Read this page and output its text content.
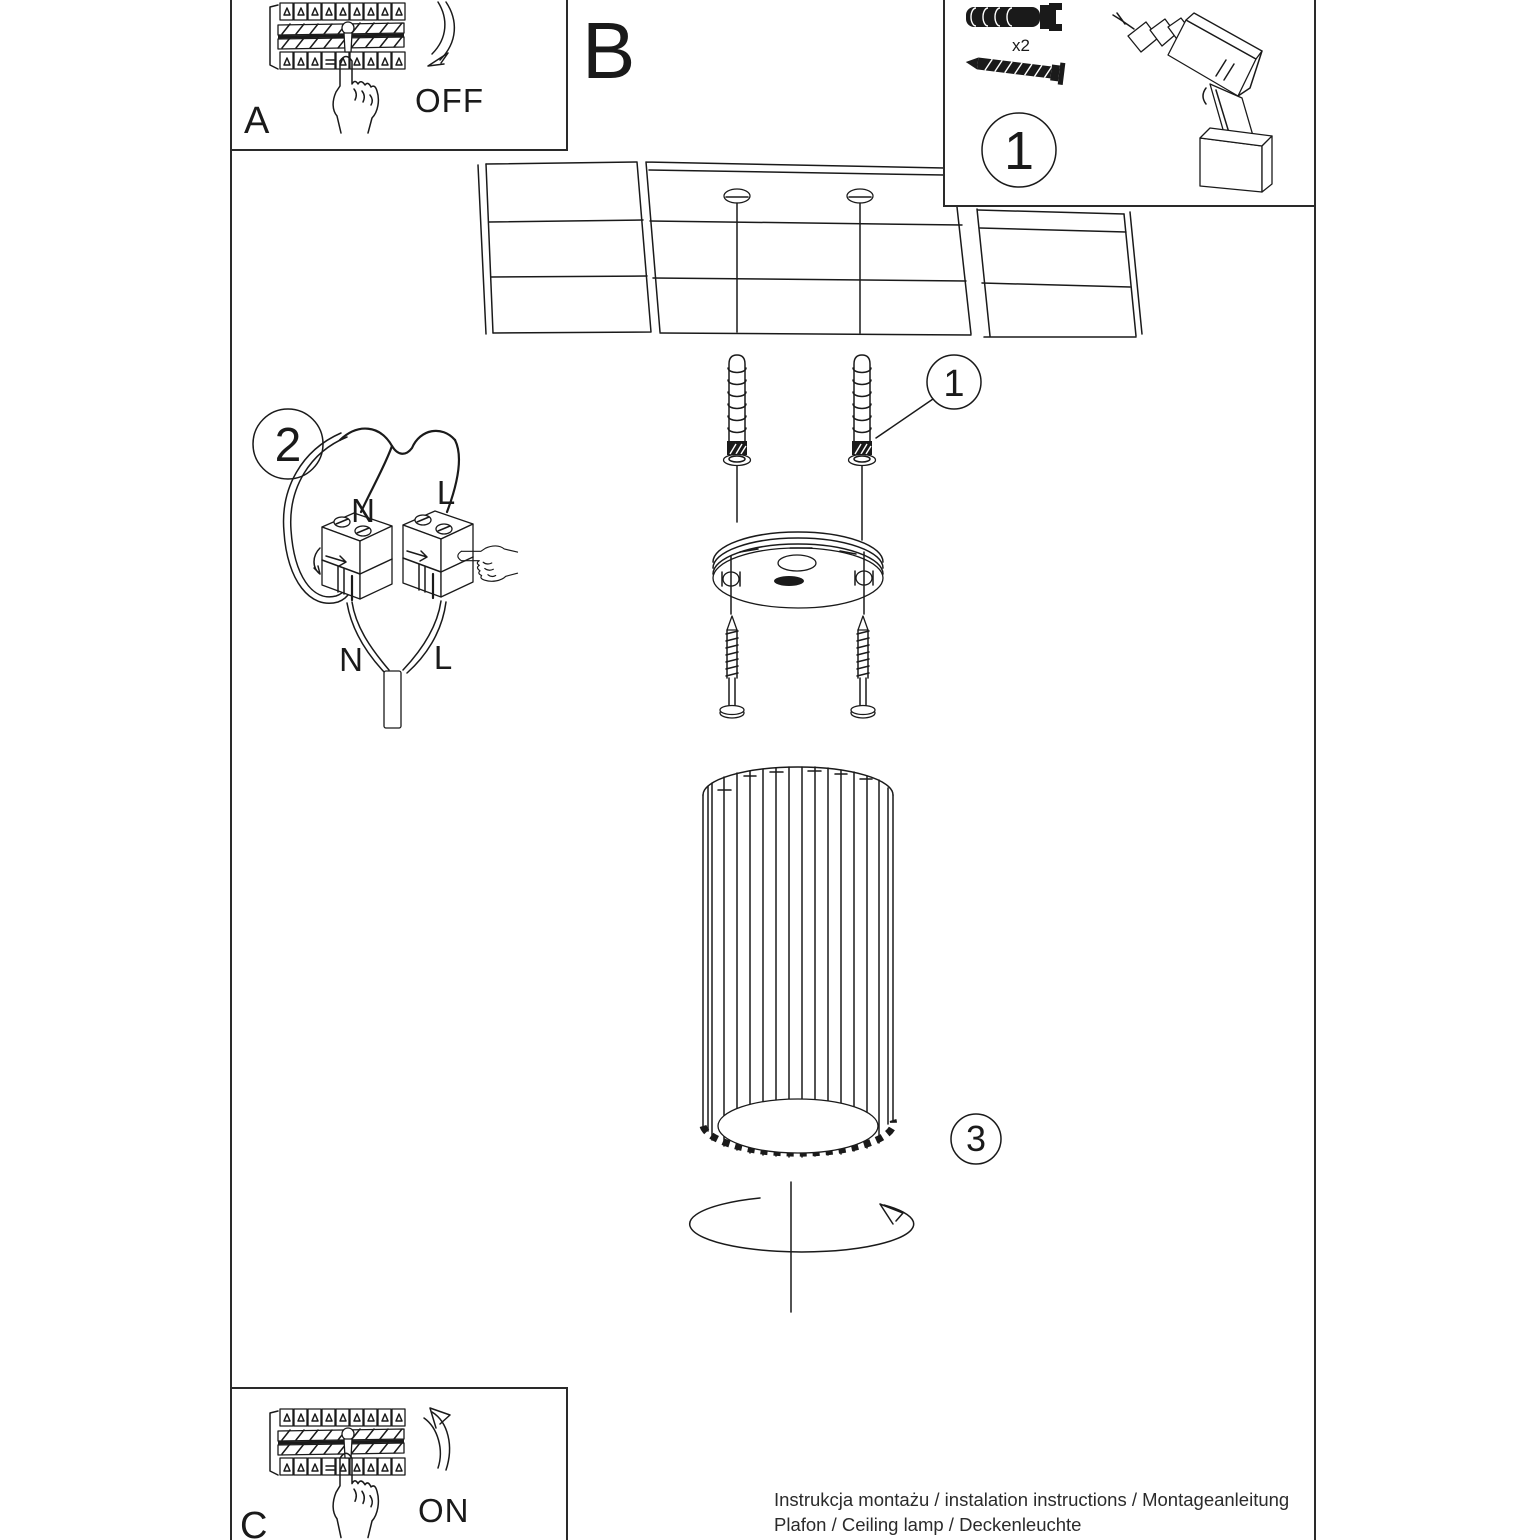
x2
1
B
A	OFF
1
3
2
N L
N L
C	ON	Instrukcja montażu / instalation instructions / Montageanleitung
Plafon / Ceiling lamp / Deckenleuchte
